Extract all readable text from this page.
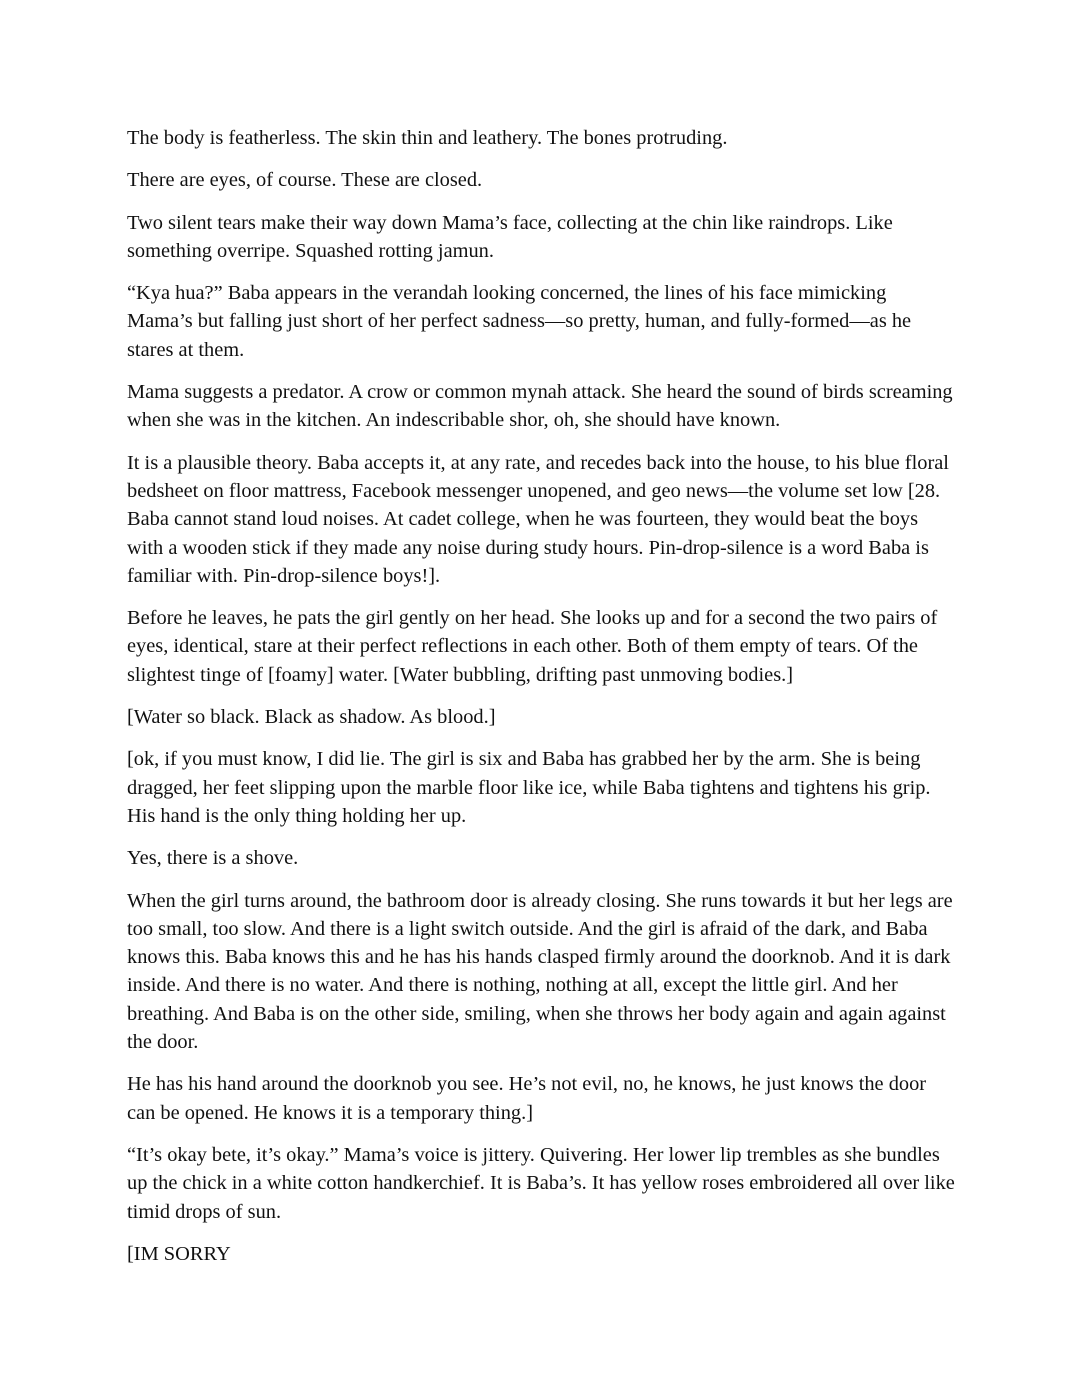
The body is featherless. The skin thin and leathery. The bones protruding.

There are eyes, of course. These are closed.

Two silent tears make their way down Mama’s face, collecting at the chin like raindrops. Like something overripe. Squashed rotting jamun.

“Kya hua?” Baba appears in the verandah looking concerned, the lines of his face mimicking Mama’s but falling just short of her perfect sadness—so pretty, human, and fully-formed—as he stares at them.

Mama suggests a predator. A crow or common mynah attack. She heard the sound of birds screaming when she was in the kitchen. An indescribable shor, oh, she should have known.

It is a plausible theory. Baba accepts it, at any rate, and recedes back into the house, to his blue floral bedsheet on floor mattress, Facebook messenger unopened, and geo news—the volume set low [28. Baba cannot stand loud noises. At cadet college, when he was fourteen, they would beat the boys with a wooden stick if they made any noise during study hours. Pin-drop-silence is a word Baba is familiar with. Pin-drop-silence boys!].

Before he leaves, he pats the girl gently on her head. She looks up and for a second the two pairs of eyes, identical, stare at their perfect reflections in each other. Both of them empty of tears. Of the slightest tinge of [foamy] water. [Water bubbling, drifting past unmoving bodies.]

[Water so black. Black as shadow. As blood.]

[ok, if you must know, I did lie. The girl is six and Baba has grabbed her by the arm. She is being dragged, her feet slipping upon the marble floor like ice, while Baba tightens and tightens his grip. His hand is the only thing holding her up.

Yes, there is a shove.

When the girl turns around, the bathroom door is already closing. She runs towards it but her legs are too small, too slow. And there is a light switch outside. And the girl is afraid of the dark, and Baba knows this. Baba knows this and he has his hands clasped firmly around the doorknob. And it is dark inside. And there is no water. And there is nothing, nothing at all, except the little girl. And her breathing. And Baba is on the other side, smiling, when she throws her body again and again against the door.

He has his hand around the doorknob you see. He’s not evil, no, he knows, he just knows the door can be opened. He knows it is a temporary thing.]

“It’s okay bete, it’s okay.” Mama’s voice is jittery. Quivering. Her lower lip trembles as she bundles up the chick in a white cotton handkerchief. It is Baba’s. It has yellow roses embroidered all over like timid drops of sun.

[IM SORRY
